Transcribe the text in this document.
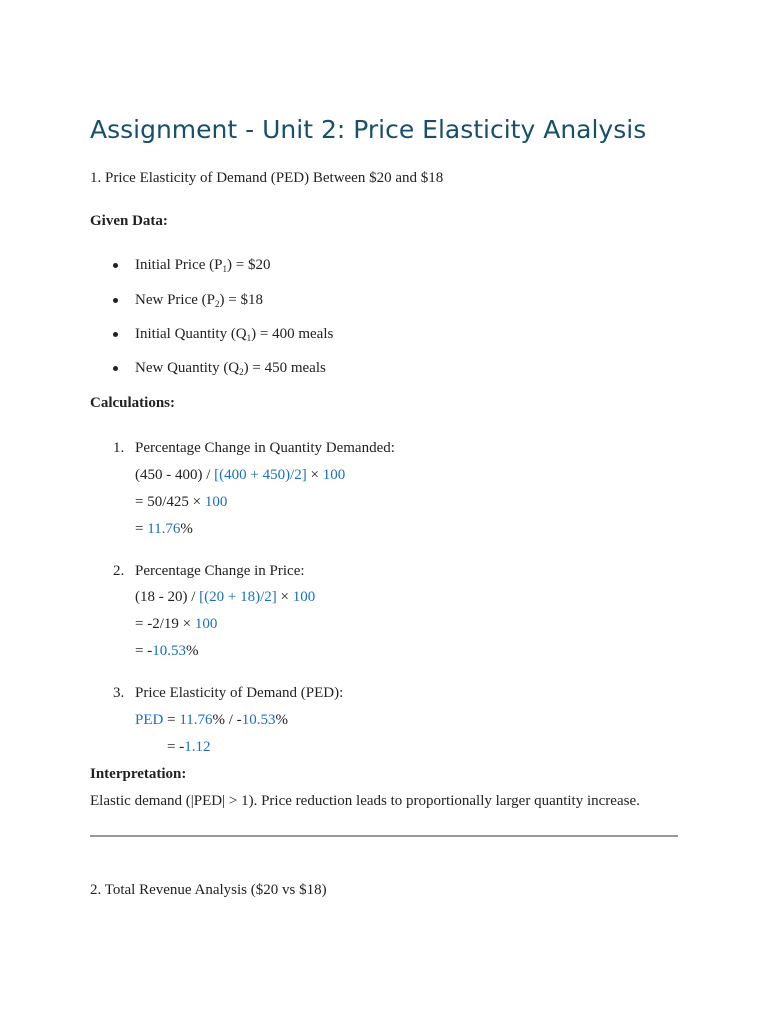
Assignment - Unit 2: Price Elasticity Analysis
1. Price Elasticity of Demand (PED) Between $20 and $18
Given Data:
Initial Price $(P_1)$ = $20
New Price $(P_2)$ = $18
Initial Quantity $(Q_1) = 400$ meals
New Quantity $(Q_2) = 450$ meals
Calculations:
1. Percentage Change in Quantity Demanded:
(450 - 400) / [(400 + 450)/2] × 100
= 50/425 × 100
= 11.76%
2. Percentage Change in Price:
(18 - 20) / [(20 + 18)/2] × 100
= -2/19 × 100
= -10.53%
3. Price Elasticity of Demand (PED):
PED = 11.76% / -10.53%
= -1.12
Interpretation:
Elastic demand (|PED| > 1). Price reduction leads to proportionally larger quantity increase.
2. Total Revenue Analysis ($20 vs $18)
